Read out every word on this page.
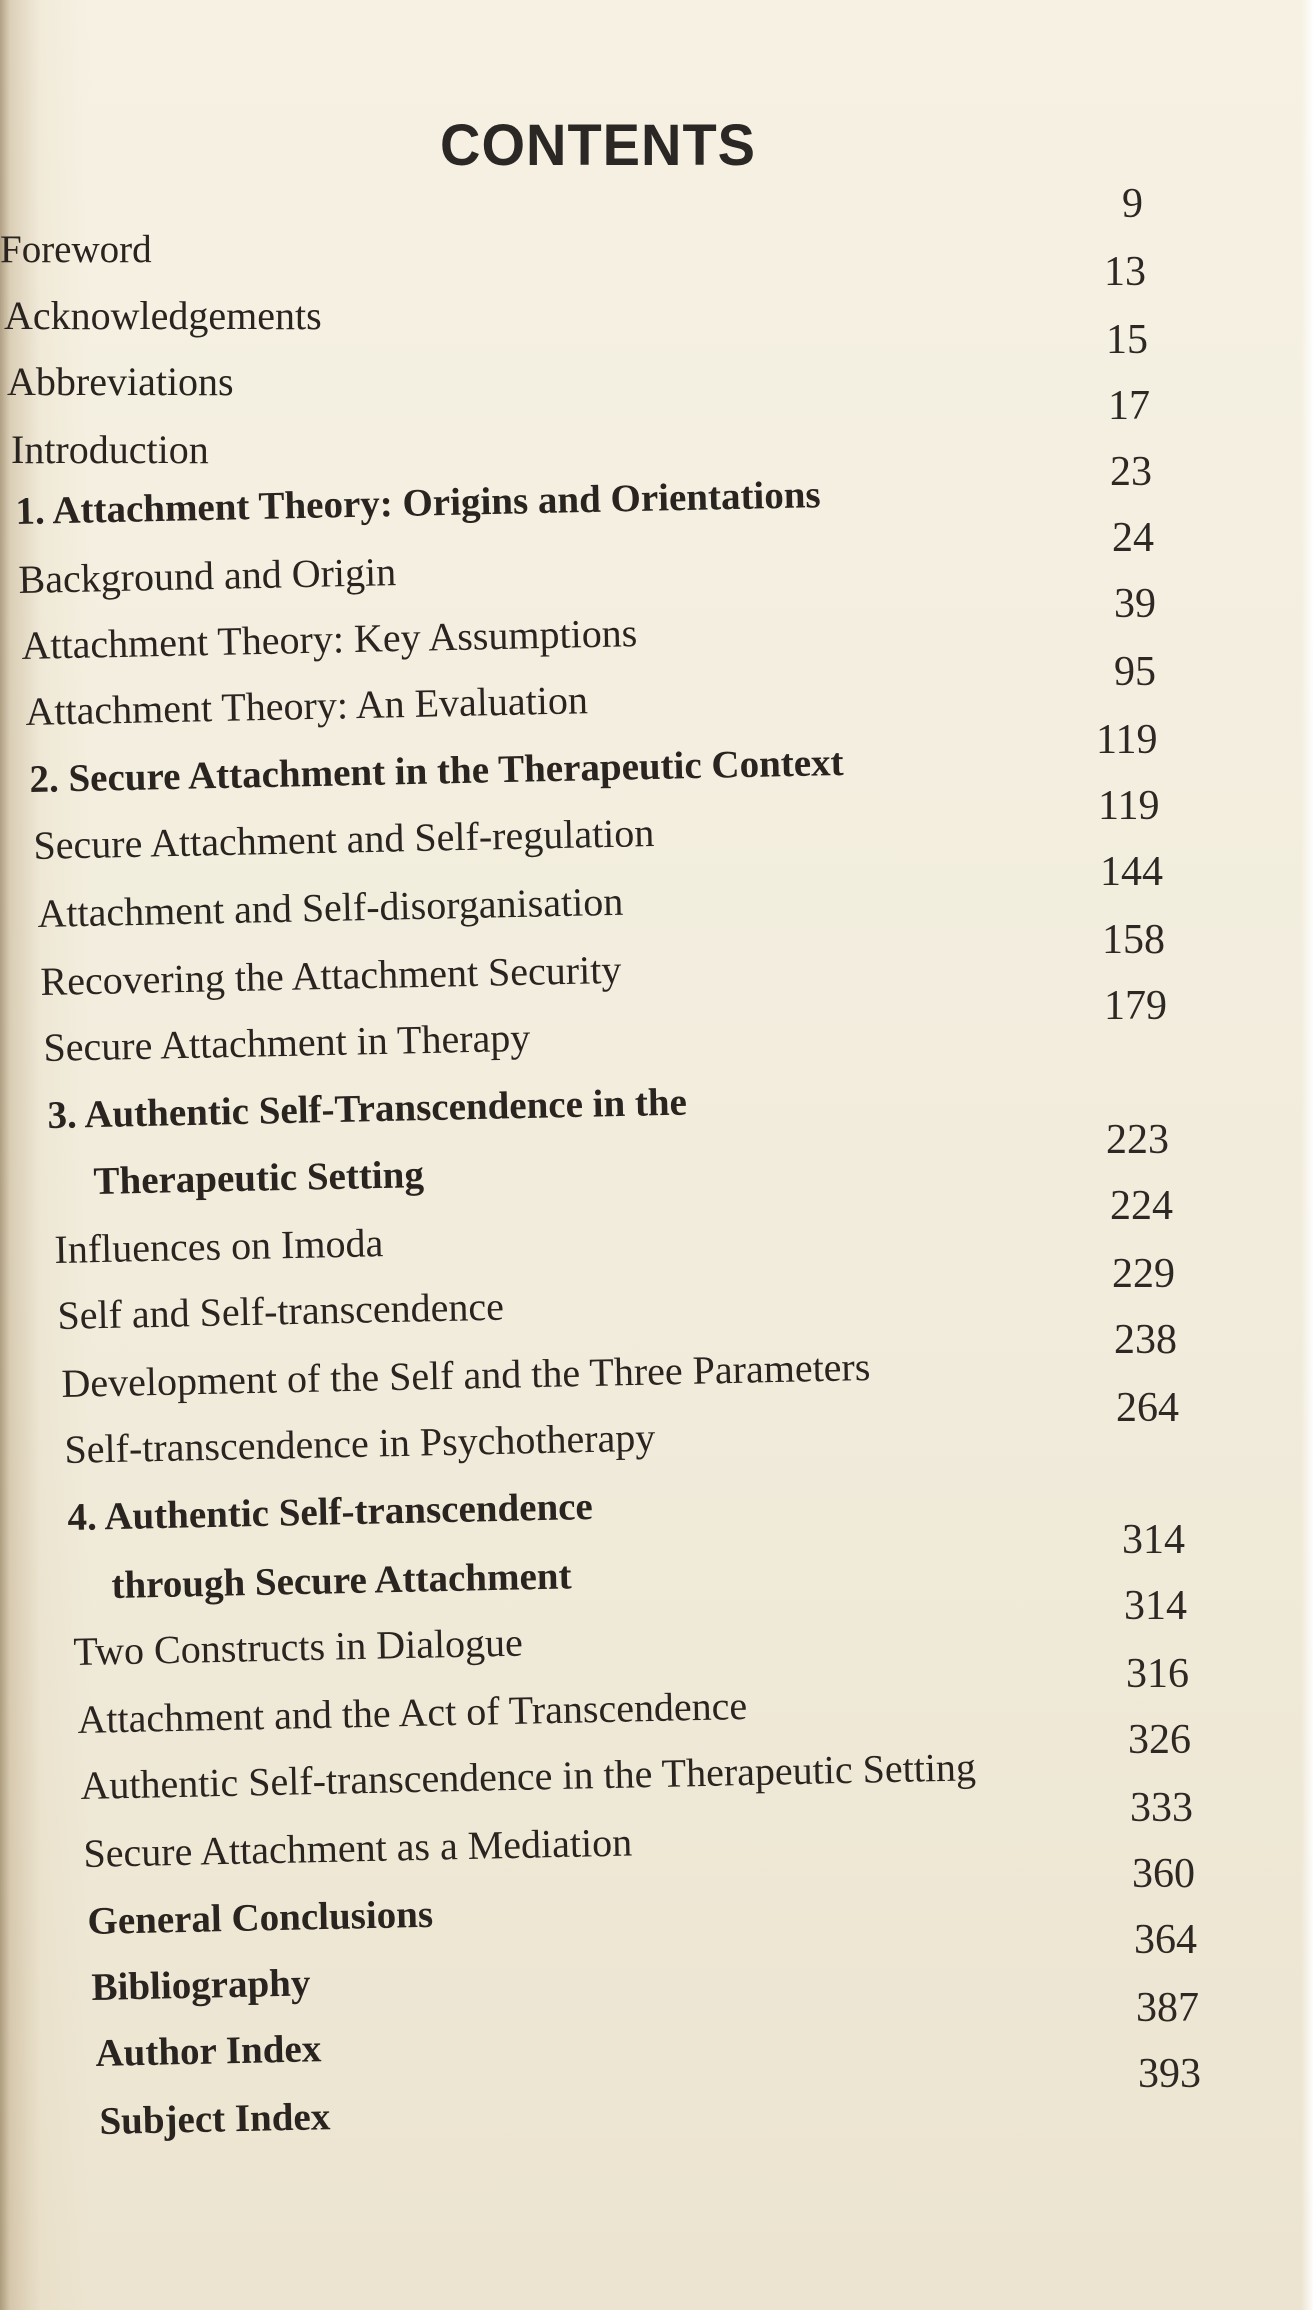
CONTENTS
Foreword
9
Acknowledgements
13
Abbreviations
15
Introduction
17
1. Attachment Theory: Origins and Orientations
23
Background and Origin
24
Attachment Theory: Key Assumptions
39
Attachment Theory: An Evaluation
95
2. Secure Attachment in the Therapeutic Context
119
Secure Attachment and Self-regulation
119
Attachment and Self-disorganisation
144
Recovering the Attachment Security
158
Secure Attachment in Therapy
179
3. Authentic Self-Transcendence in the
Therapeutic Setting
223
Influences on Imoda
224
Self and Self-transcendence
229
Development of the Self and the Three Parameters
238
Self-transcendence in Psychotherapy
264
4. Authentic Self-transcendence
through Secure Attachment
314
Two Constructs in Dialogue
314
Attachment and the Act of Transcendence
316
Authentic Self-transcendence in the Therapeutic Setting
326
Secure Attachment as a Mediation
333
General Conclusions
360
Bibliography
364
Author Index
387
Subject Index
393
